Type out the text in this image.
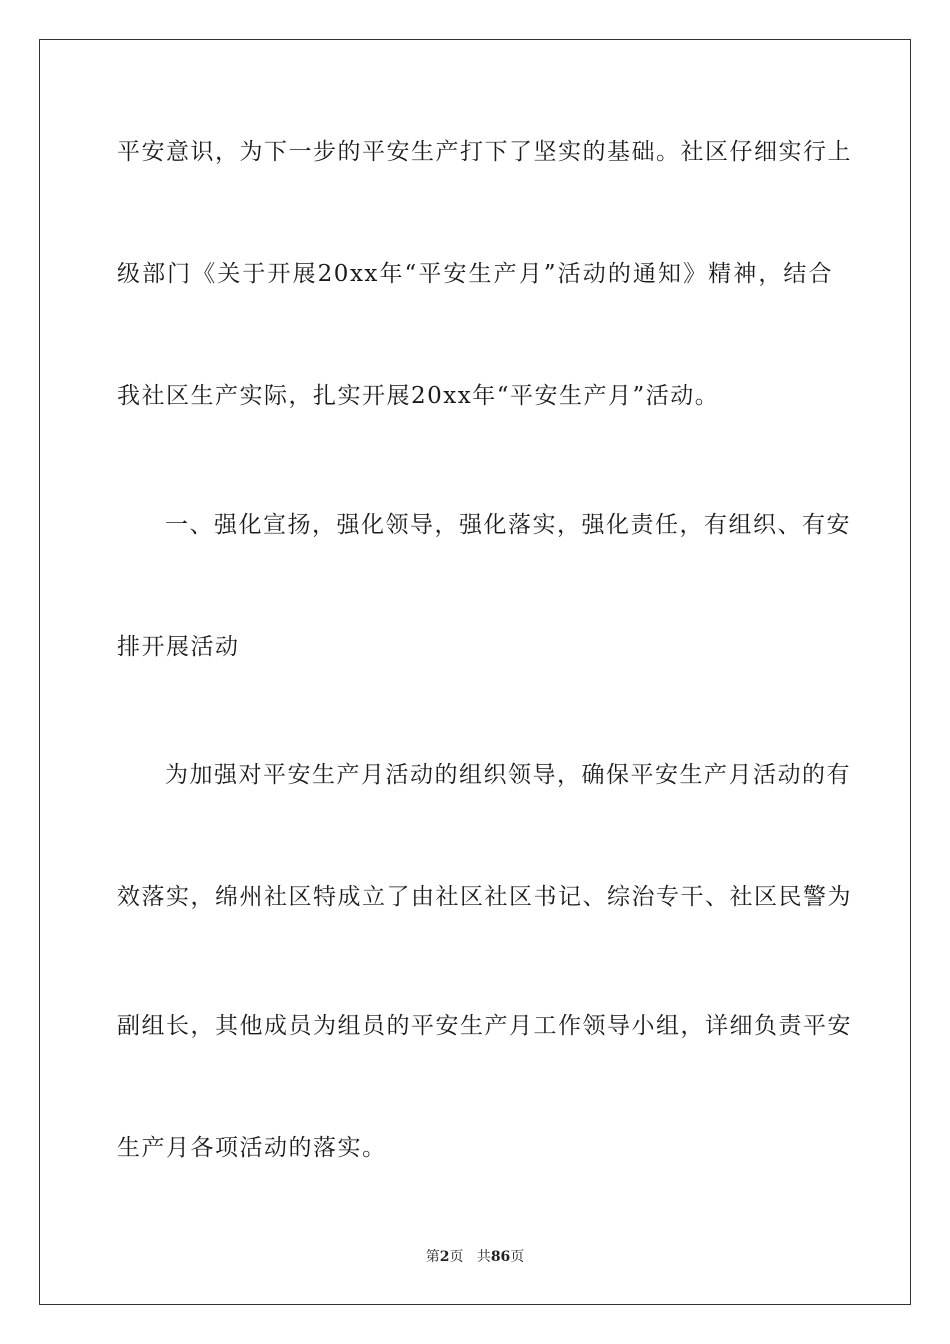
平安意识，为下一步的平安生产打下了坚实的基础。社区仔细实行上
级部门《关于开展20xx年“平安生产月”活动的通知》精神，结合
我社区生产实际，扎实开展20xx年“平安生产月”活动。
一、强化宣扬，强化领导，强化落实，强化责任，有组织、有安
排开展活动
为加强对平安生产月活动的组织领导，确保平安生产月活动的有
效落实，绵州社区特成立了由社区社区书记、综治专干、社区民警为
副组长，其他成员为组员的平安生产月工作领导小组，详细负责平安
生产月各项活动的落实。
第2页 共86页
